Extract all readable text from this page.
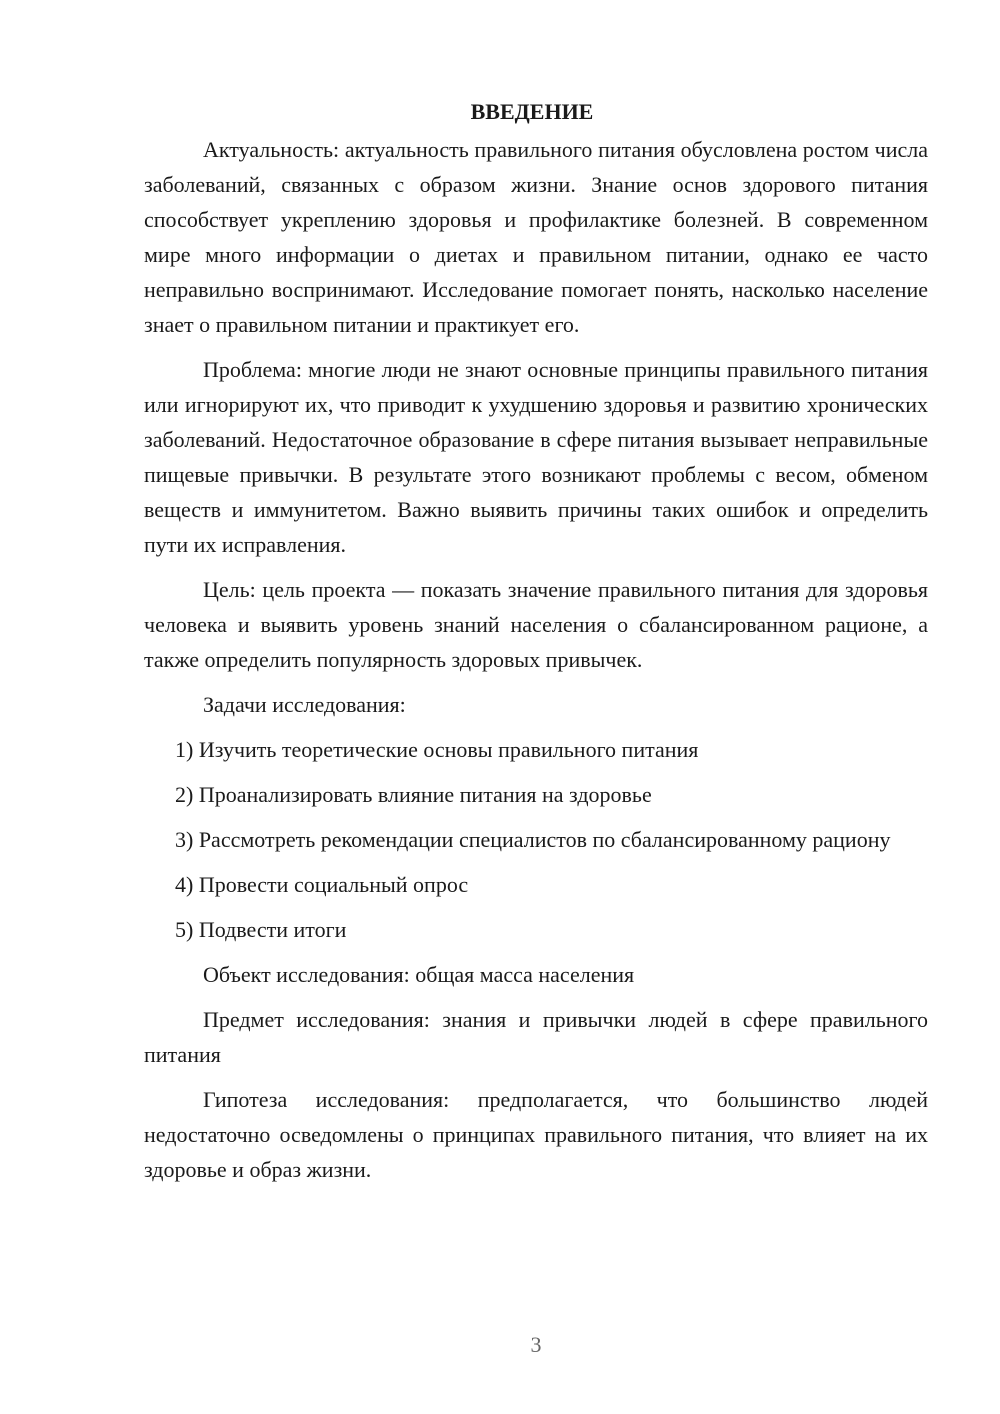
ВВЕДЕНИЕ

Актуальность: актуальность правильного питания обусловлена ростом числа заболеваний, связанных с образом жизни. Знание основ здорового питания способствует укреплению здоровья и профилактике болезней. В современном мире много информации о диетах и правильном питании, однако ее часто неправильно воспринимают. Исследование помогает понять, насколько население знает о правильном питании и практикует его.

Проблема: многие люди не знают основные принципы правильного питания или игнорируют их, что приводит к ухудшению здоровья и развитию хронических заболеваний. Недостаточное образование в сфере питания вызывает неправильные пищевые привычки. В результате этого возникают проблемы с весом, обменом веществ и иммунитетом. Важно выявить причины таких ошибок и определить пути их исправления.

Цель: цель проекта — показать значение правильного питания для здоровья человека и выявить уровень знаний населения о сбалансированном рационе, а также определить популярность здоровых привычек.

Задачи исследования:

1) Изучить теоретические основы правильного питания

2) Проанализировать влияние питания на здоровье

3) Рассмотреть рекомендации специалистов по сбалансированному рациону

4) Провести социальный опрос

5) Подвести итоги

Объект исследования: общая масса населения

Предмет исследования: знания и привычки людей в сфере правильного питания

Гипотеза исследования: предполагается, что большинство людей недостаточно осведомлены о принципах правильного питания, что влияет на их здоровье и образ жизни.

3
